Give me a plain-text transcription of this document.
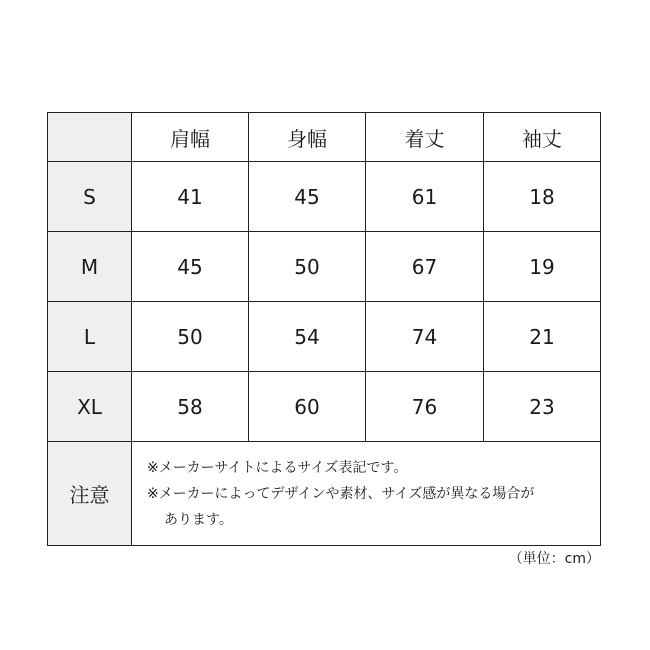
	肩幅	身幅	着丈	袖丈
S	41	45	61	18
M	45	50	67	19
L	50	54	74	21
XL	58	60	76	23
注意	※メーカーサイトによるサイズ表記です。
※メーカーによってデザインや素材、サイズ感が異なる場合が
あります。			
（単位：cm）
